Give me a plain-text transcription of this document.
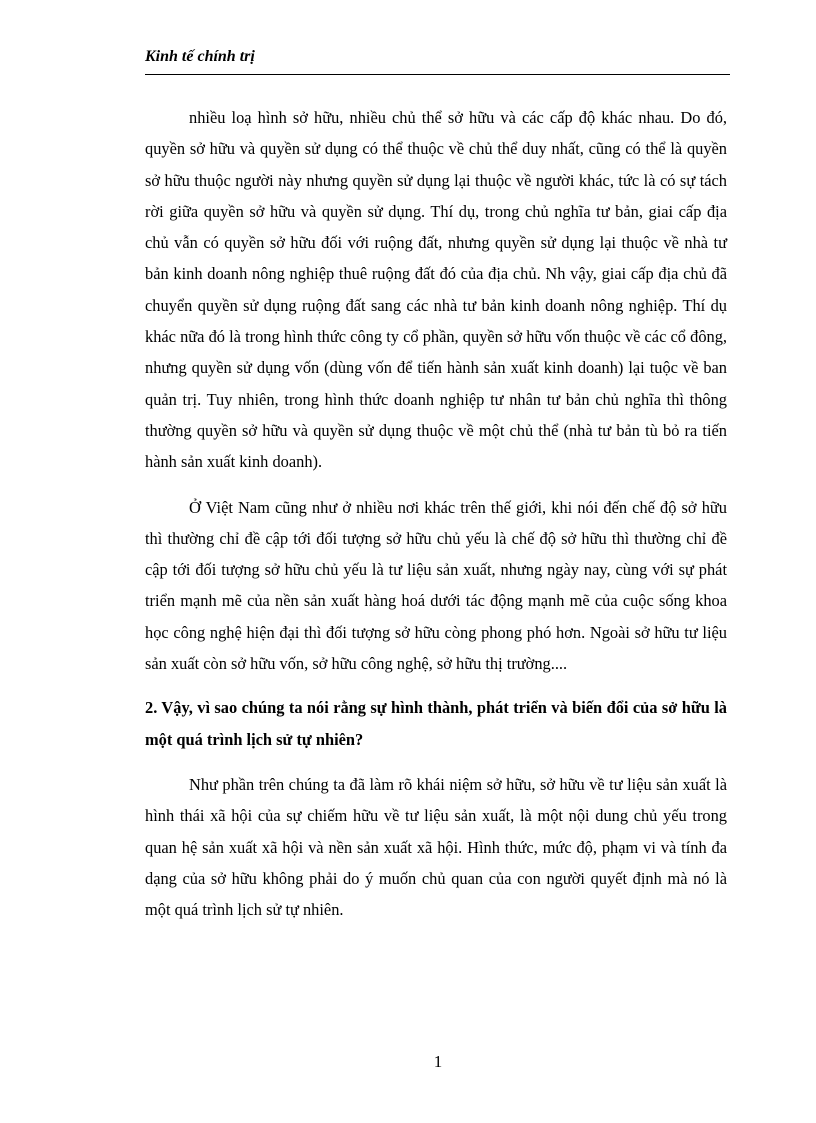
Kinh tế chính trị

nhiều loạ hình sở hữu, nhiều chủ thể sở hữu và các cấp độ khác nhau. Do đó, quyền sở hữu và quyền sử dụng có thể thuộc về chủ thể duy nhất, cũng có thể là quyền sở hữu thuộc người này nhưng quyền sử dụng lại thuộc về người khác, tức là có sự tách rời giữa quyền sở hữu và quyền sử dụng. Thí dụ, trong chủ nghĩa tư bản, giai cấp địa chủ vẫn có quyền sở hữu đối với ruộng đất, nhưng quyền sử dụng lại thuộc về nhà tư bản kinh doanh nông nghiệp thuê ruộng đất đó của địa chủ. Nh vậy, giai cấp địa chủ đã chuyển quyền sử dụng ruộng đất sang các nhà tư bản kinh doanh nông nghiệp. Thí dụ khác nữa đó là trong hình thức công ty cổ phần, quyền sở hữu vốn thuộc về các cổ đông, nhưng quyền sử dụng vốn (dùng vốn để tiến hành sản xuất kinh doanh) lại tuộc về ban quản trị. Tuy nhiên, trong hình thức doanh nghiệp tư nhân tư bản chủ nghĩa thì thông thường quyền sở hữu và quyền sử dụng thuộc về một chủ thể (nhà tư bản tù bỏ ra tiến hành sản xuất kinh doanh).

Ở Việt Nam cũng như ở nhiều nơi khác trên thế giới, khi nói đến chế độ sở hữu thì thường chỉ đề cập tới đối tượng sở hữu chủ yếu là chế độ sở hữu thì thường chỉ đề cập tới đối tượng sở hữu chủ yếu là tư liệu sản xuất, nhưng ngày nay, cùng với sự phát triển mạnh mẽ của nền sản xuất hàng hoá dưới tác động mạnh mẽ của cuộc sống khoa học công nghệ hiện đại thì đối tượng sở hữu còng phong phó hơn. Ngoài sở hữu tư liệu sản xuất còn sở hữu vốn, sở hữu công nghệ, sở hữu thị trường....

2. Vậy, vì sao chúng ta nói rằng sự hình thành, phát triển và biến đổi của sở hữu là một quá trình lịch sử tự nhiên?

Như phần trên chúng ta đã làm rõ khái niệm sở hữu, sở hữu về tư liệu sản xuất là hình thái xã hội của sự chiếm hữu về tư liệu sản xuất, là một nội dung chủ yếu trong quan hệ sản xuất xã hội và nền sản xuất xã hội. Hình thức, mức độ, phạm vi và tính đa dạng của sở hữu không phải do ý muốn chủ quan của con người quyết định mà nó là một quá trình lịch sử tự nhiên.

1
